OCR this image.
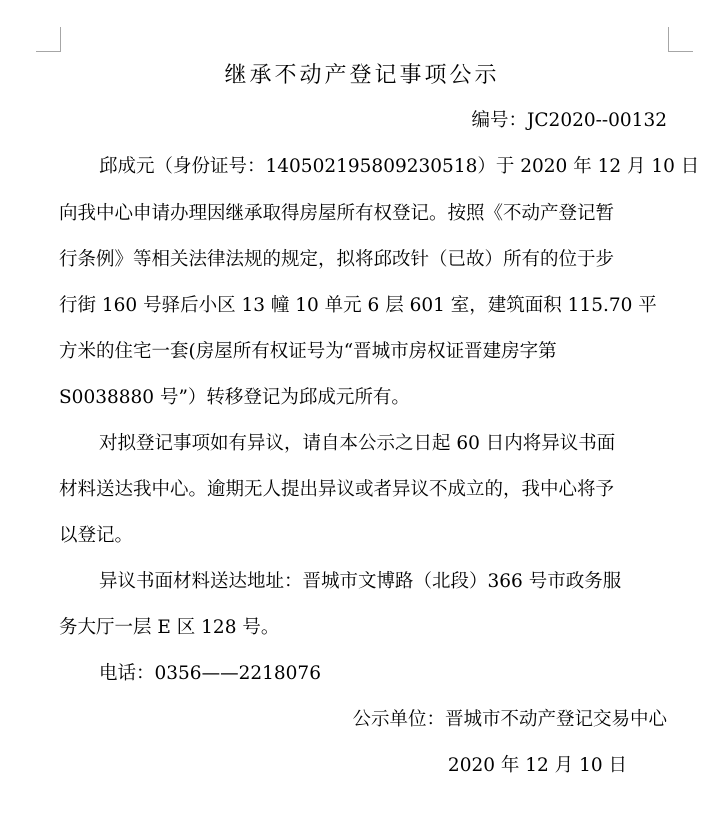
继承不动产登记事项公示
编号：JC2020--00132
邱成元（身份证号：140502195809230518）于 2020 年 12 月 10 日
向我中心申请办理因继承取得房屋所有权登记。按照《不动产登记暂
行条例》等相关法律法规的规定，拟将邱改针（已故）所有的位于步
行街 160 号驿后小区 13 幢 10 单元 6 层 601 室，建筑面积 115.70 平
方米的住宅一套(房屋所有权证号为“晋城市房权证晋建房字第
S0038880 号”）转移登记为邱成元所有。
对拟登记事项如有异议，请自本公示之日起 60 日内将异议书面
材料送达我中心。逾期无人提出异议或者异议不成立的，我中心将予
以登记。
异议书面材料送达地址：晋城市文博路（北段）366 号市政务服
务大厅一层 E 区 128 号。
电话：0356——2218076
公示单位：晋城市不动产登记交易中心
2020 年 12 月 10 日
